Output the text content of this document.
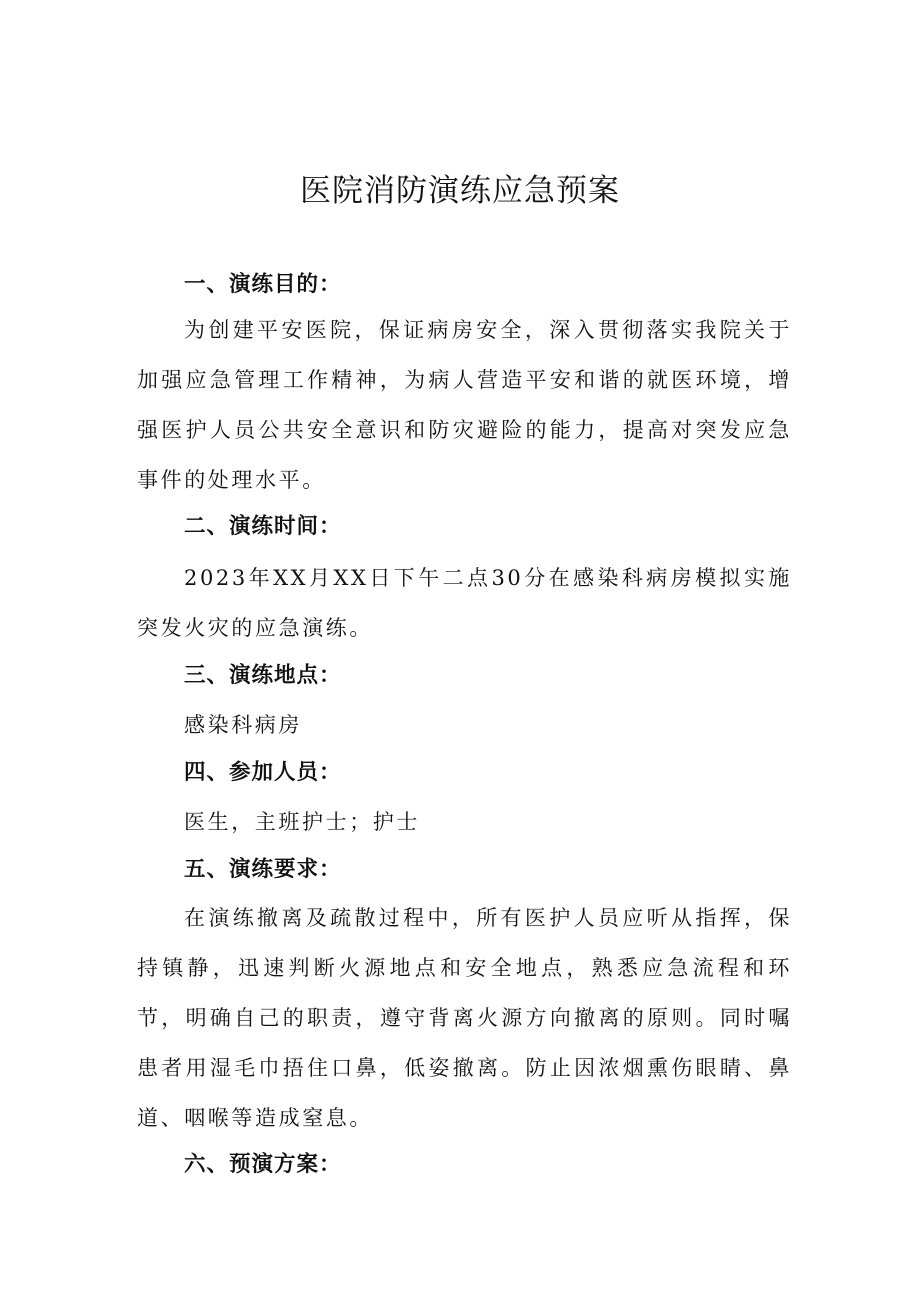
医院消防演练应急预案
一、演练目的：

为创建平安医院，保证病房安全，深入贯彻落实我院关于加强应急管理工作精神，为病人营造平安和谐的就医环境，增强医护人员公共安全意识和防灾避险的能力，提高对突发应急事件的处理水平。

二、演练时间：

2023年XX月XX日下午二点30分在感染科病房模拟实施突发火灾的应急演练。

三、演练地点：

感染科病房

四、参加人员：

医生，主班护士；护士

五、演练要求：

在演练撤离及疏散过程中，所有医护人员应听从指挥，保持镇静，迅速判断火源地点和安全地点，熟悉应急流程和环节，明确自己的职责，遵守背离火源方向撤离的原则。同时嘱患者用湿毛巾捂住口鼻，低姿撤离。防止因浓烟熏伤眼睛、鼻道、咽喉等造成窒息。

六、预演方案：
